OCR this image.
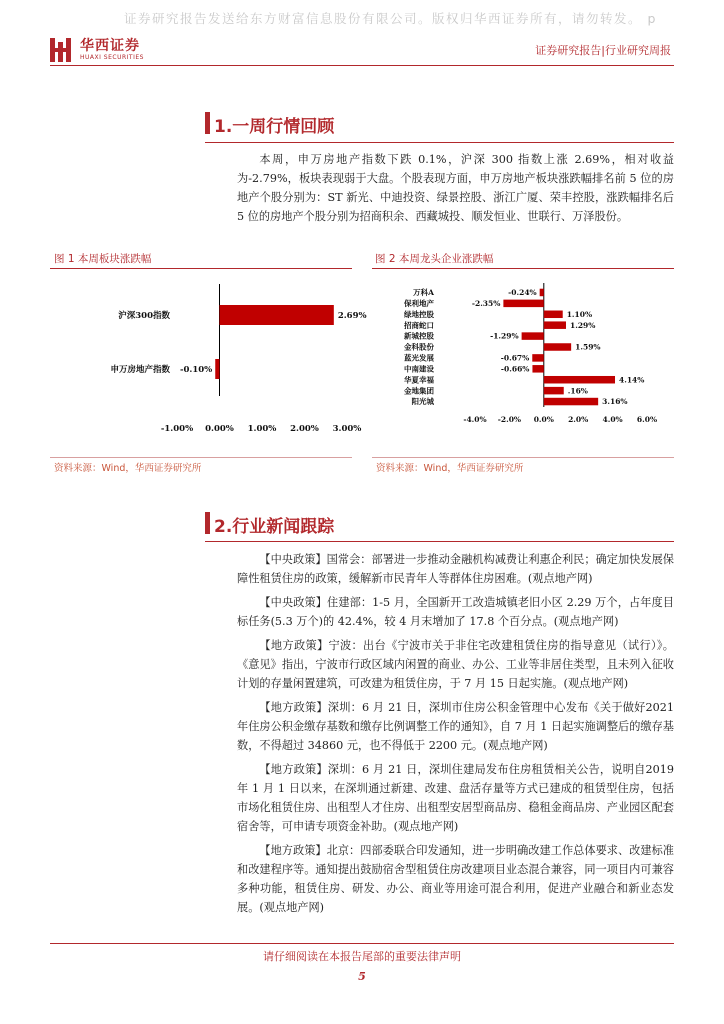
证券研究报告发送给东方财富信息股份有限公司。版权归华西证券所有，请勿转发。 p
华西证券
HUAXI SECURITIES
证券研究报告|行业研究周报
1.一周行情回顾

本周，申万房地产指数下跌 0.1%，沪深 300 指数上涨 2.69%，相对收益为-2.79%，板块表现弱于大盘。个股表现方面，申万房地产板块涨跌幅排名前 5 位的房地产个股分别为：ST 新光、中迪投资、绿景控股、浙江广厦、荣丰控股，涨跌幅排名后 5 位的房地产个股分别为招商积余、西藏城投、顺发恒业、世联行、万泽股份。

图 1 本周板块涨跌幅
沪深300指数	2.69%
申万房地产指数 -0.10%
-1.00% 0.00% 1.00% 2.00% 3.00%
资料来源：Wind，华西证券研究所
图 2 本周龙头企业涨跌幅
万科A	-0.24%
保利地产	-2.35%
绿地控股	1.10%
招商蛇口	1.29%
新城控股	-1.29%
金科股份	1.59%
蓝光发展	-0.67%
中南建设	-0.66%
华夏幸福	4.14%
金地集团	.16%
阳光城	3.16%
-4.0% -2.0% 0.0% 2.0% 4.0% 6.0%
资料来源：Wind，华西证券研究所
2.行业新闻跟踪

【中央政策】国常会：部署进一步推动金融机构减费让利惠企利民；确定加快发展保障性租赁住房的政策，缓解新市民青年人等群体住房困难。(观点地产网)

【中央政策】住建部：1-5 月，全国新开工改造城镇老旧小区 2.29 万个，占年度目标任务(5.3 万个)的 42.4%，较 4 月末增加了 17.8 个百分点。(观点地产网)

【地方政策】宁波：出台《宁波市关于非住宅改建租赁住房的指导意见（试行）》。《意见》指出，宁波市行政区域内闲置的商业、办公、工业等非居住类型，且未列入征收计划的存量闲置建筑，可改建为租赁住房，于 7 月 15 日起实施。(观点地产网)

【地方政策】深圳：6 月 21 日，深圳市住房公积金管理中心发布《关于做好2021 年住房公积金缴存基数和缴存比例调整工作的通知》，自 7 月 1 日起实施调整后的缴存基数，不得超过 34860 元，也不得低于 2200 元。(观点地产网)

【地方政策】深圳：6 月 21 日，深圳住建局发布住房租赁相关公告，说明自2019 年 1 月 1 日以来，在深圳通过新建、改建、盘活存量等方式已建成的租赁型住房，包括市场化租赁住房、出租型人才住房、出租型安居型商品房、稳租金商品房、产业园区配套宿舍等，可申请专项资金补助。(观点地产网)

【地方政策】北京：四部委联合印发通知，进一步明确改建工作总体要求、改建标准和改建程序等。通知提出鼓励宿舍型租赁住房改建项目业态混合兼容，同一项目内可兼容多种功能，租赁住房、研发、办公、商业等用途可混合利用，促进产业融合和新业态发展。(观点地产网)

请仔细阅读在本报告尾部的重要法律声明
5
